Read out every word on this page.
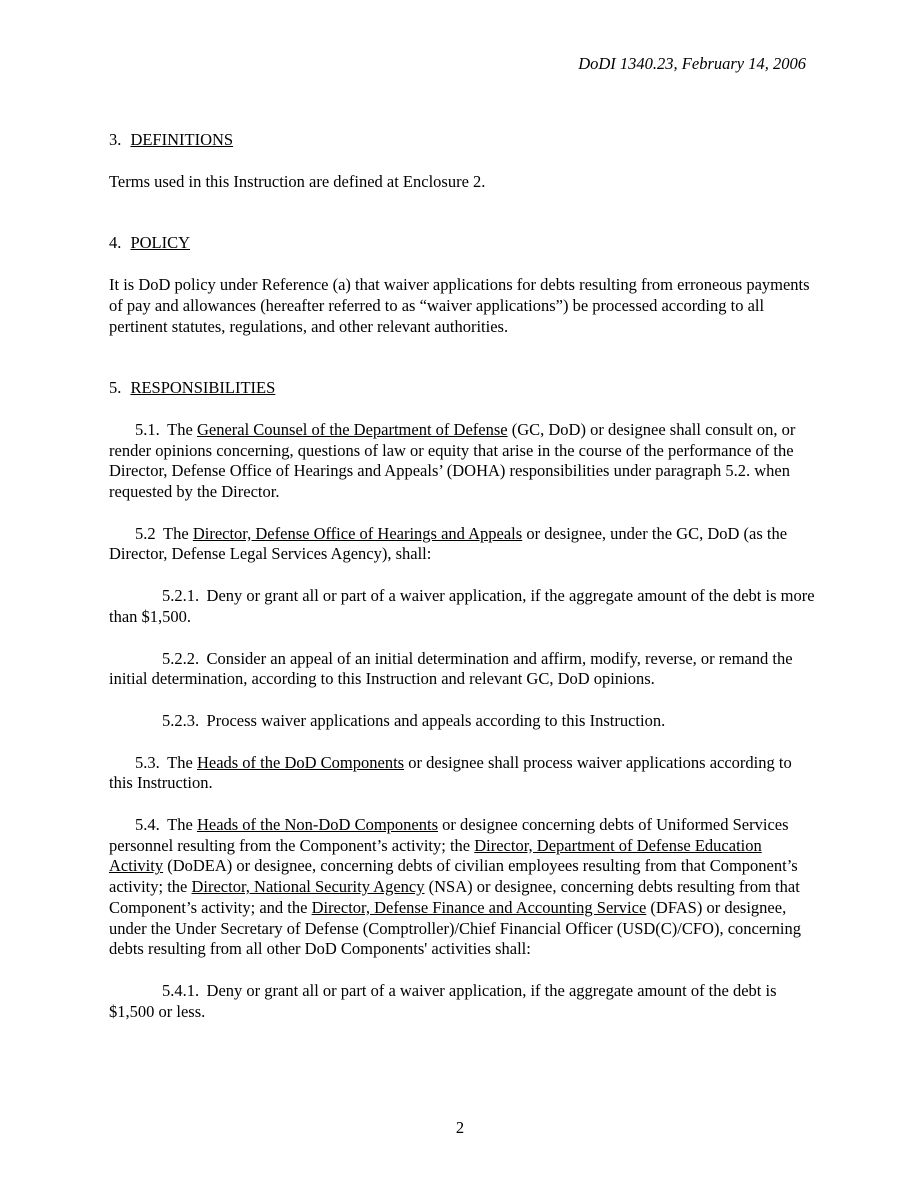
DoDI 1340.23, February 14, 2006
3. DEFINITIONS

Terms used in this Instruction are defined at Enclosure 2.

4. POLICY

It is DoD policy under Reference (a) that waiver applications for debts resulting from erroneous payments of pay and allowances (hereafter referred to as “waiver applications”) be processed according to all pertinent statutes, regulations, and other relevant authorities.

5. RESPONSIBILITIES

5.1. The General Counsel of the Department of Defense (GC, DoD) or designee shall consult on, or render opinions concerning, questions of law or equity that arise in the course of the performance of the Director, Defense Office of Hearings and Appeals’ (DOHA) responsibilities under paragraph 5.2. when requested by the Director.

5.2 The Director, Defense Office of Hearings and Appeals or designee, under the GC, DoD (as the Director, Defense Legal Services Agency), shall:

5.2.1. Deny or grant all or part of a waiver application, if the aggregate amount of the debt is more than $1,500.

5.2.2. Consider an appeal of an initial determination and affirm, modify, reverse, or remand the initial determination, according to this Instruction and relevant GC, DoD opinions.

5.2.3. Process waiver applications and appeals according to this Instruction.

5.3. The Heads of the DoD Components or designee shall process waiver applications according to this Instruction.

5.4. The Heads of the Non-DoD Components or designee concerning debts of Uniformed Services personnel resulting from the Component’s activity; the Director, Department of Defense Education Activity (DoDEA) or designee, concerning debts of civilian employees resulting from that Component’s activity; the Director, National Security Agency (NSA) or designee, concerning debts resulting from that Component’s activity; and the Director, Defense Finance and Accounting Service (DFAS) or designee, under the Under Secretary of Defense (Comptroller)/Chief Financial Officer (USD(C)/CFO), concerning debts resulting from all other DoD Components' activities shall:

5.4.1. Deny or grant all or part of a waiver application, if the aggregate amount of the debt is $1,500 or less.

2
